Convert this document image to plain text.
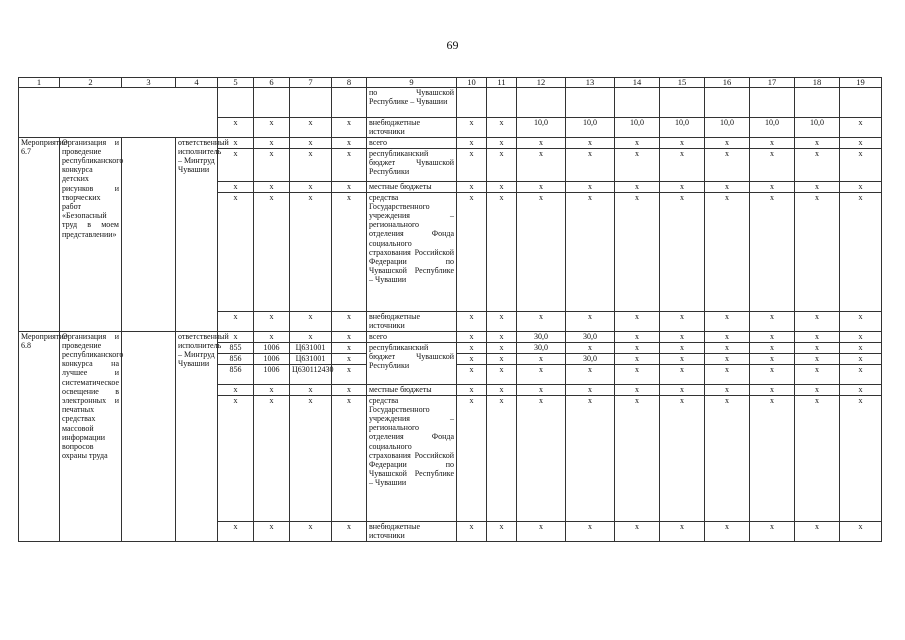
69
1	2	3	4	5	6	7	8	9	10	11	12	13	14	15	16	17	18	19
								по Чувашской Республике – Чувашии										
				x	x	x	x	внебюджетные источники	x	x	10,0	10,0	10,0	10,0	10,0	10,0	10,0	x
Мероприятие 6.7	Организация и проведение республиканского конкурса детских рисунков и творческих работ «Безопасный труд в моем представлении»		ответственный исполнитель – Минтруд Чувашии	x	x	x	x	всего	x	x	x	x	x	x	x	x	x	x
				x	x	x	x	республиканский бюджет Чувашской Республики	x	x	x	x	x	x	x	x	x	x
				x	x	x	x	местные бюджеты	x	x	x	x	x	x	x	x	x	x
				x	x	x	x	средства Государственного учреждения – регионального отделения Фонда социального страхования Российской Федерации по Чувашской Республике – Чувашии	x	x	x	x	x	x	x	x	x	x
				x	x	x	x	внебюджетные источники	x	x	x	x	x	x	x	x	x	x
Мероприятие 6.8	Организация и проведение республиканского конкурса на лучшее и систематическое освещение в электронных и печатных средствах массовой информации вопросов охраны труда		ответственный исполнитель – Минтруд Чувашии	x	x	x	x	всего	x	x	30,0	30,0	x	x	x	x	x	x
				855	1006	Ц631001	x	республиканский бюджет Чувашской Республики	x	x	30,0	x	x	x	x	x	x	x
				856	1006	Ц631001	x		x	x	x	30,0	x	x	x	x	x	x
				856	1006	Ц630112430	x		x	x	x	x	x	x	x	x	x	x
				x	x	x	x	местные бюджеты	x	x	x	x	x	x	x	x	x	x
				x	x	x	x	средства Государственного учреждения – регионального отделения Фонда социального страхования Российской Федерации по Чувашской Республике – Чувашии	x	x	x	x	x	x	x	x	x	x
				x	x	x	x	внебюджетные источники	x	x	x	x	x	x	x	x	x	x
